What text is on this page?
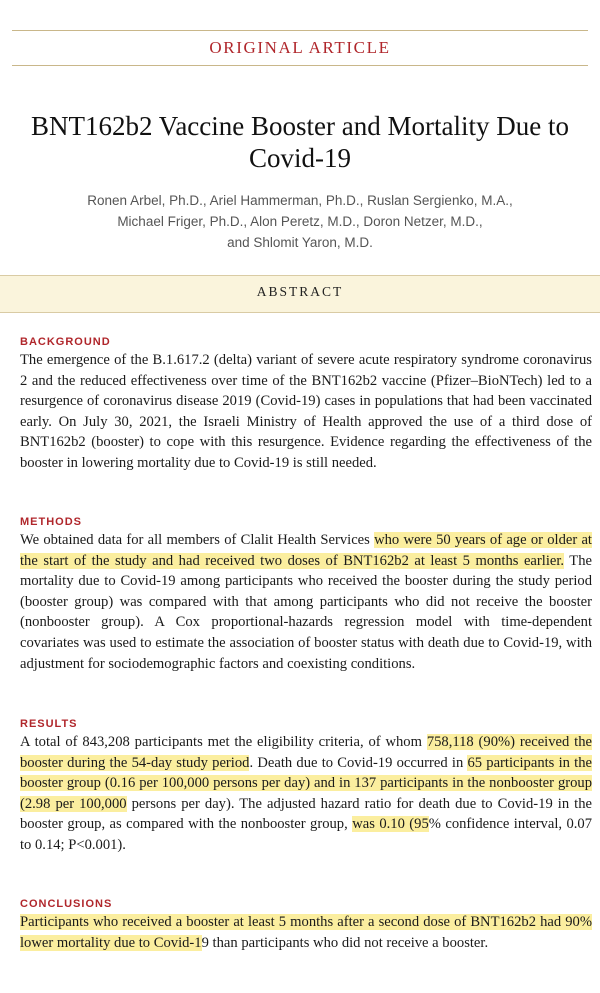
ORIGINAL ARTICLE
BNT162b2 Vaccine Booster and Mortality Due to Covid-19
Ronen Arbel, Ph.D., Ariel Hammerman, Ph.D., Ruslan Sergienko, M.A.,
Michael Friger, Ph.D., Alon Peretz, M.D., Doron Netzer, M.D.,
and Shlomit Yaron, M.D.
ABSTRACT
BACKGROUND
The emergence of the B.1.617.2 (delta) variant of severe acute respiratory syndrome coronavirus 2 and the reduced effectiveness over time of the BNT162b2 vaccine (Pfizer–BioNTech) led to a resurgence of coronavirus disease 2019 (Covid-19) cases in populations that had been vaccinated early. On July 30, 2021, the Israeli Ministry of Health approved the use of a third dose of BNT162b2 (booster) to cope with this resurgence. Evidence regarding the effectiveness of the booster in lowering mortality due to Covid-19 is still needed.
METHODS
We obtained data for all members of Clalit Health Services who were 50 years of age or older at the start of the study and had received two doses of BNT162b2 at least 5 months earlier. The mortality due to Covid-19 among participants who received the booster during the study period (booster group) was compared with that among participants who did not receive the booster (nonbooster group). A Cox proportional-hazards regression model with time-dependent covariates was used to estimate the association of booster status with death due to Covid-19, with adjustment for sociodemographic factors and coexisting conditions.
RESULTS
A total of 843,208 participants met the eligibility criteria, of whom 758,118 (90%) received the booster during the 54-day study period. Death due to Covid-19 occurred in 65 participants in the booster group (0.16 per 100,000 persons per day) and in 137 participants in the nonbooster group (2.98 per 100,000 persons per day). The adjusted hazard ratio for death due to Covid-19 in the booster group, as compared with the nonbooster group, was 0.10 (95% confidence interval, 0.07 to 0.14; P<0.001).
CONCLUSIONS
Participants who received a booster at least 5 months after a second dose of BNT162b2 had 90% lower mortality due to Covid-19 than participants who did not receive a booster.
